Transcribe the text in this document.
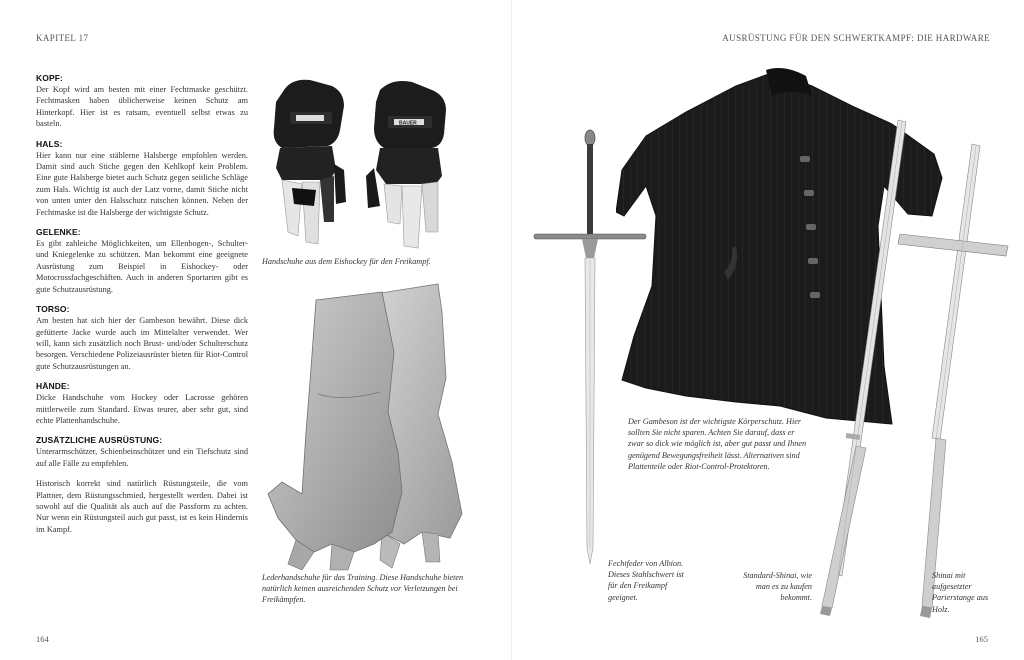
KAPITEL 17
KOPF:
Der Kopf wird am besten mit einer Fechtmaske geschützt. Fechtmasken haben üblicherweise keinen Schutz am Hinterkopf. Hier ist es ratsam, eventuell selbst etwas zu basteln.
HALS:
Hier kann nur eine stählerne Halsberge empfohlen werden. Damit sind auch Stiche gegen den Kehlkopf kein Problem. Eine gute Halsberge bietet auch Schutz gegen seitliche Schläge zum Hals. Wichtig ist auch der Latz vorne, damit Stiche nicht von unten unter den Halsschutz rutschen können. Neben der Fechtmaske ist die Halsberge der wichtigste Schutz.
GELENKE:
Es gibt zahleiche Möglichkeiten, um Ellenbogen-, Schulter- und Kniegelenke zu schützen. Man bekommt eine geeignete Ausrüstung zum Beispiel in Eishockey- oder Motocrossfachgeschäften. Auch in anderen Sportarten gibt es gute Schutzausrüstung.
TORSO:
Am besten hat sich hier der Gambeson bewährt. Diese dick gefütterte Jacke wurde auch im Mittelalter verwendet. Wer will, kann sich zusätzlich noch Brust- und/oder Schulterschutz besorgen. Verschiedene Polizeiausrüster bieten für Riot-Control gute Schutzausrüstungen an.
HÄNDE:
Dicke Handschuhe vom Hockey oder Lacrosse gehören mittlerweile zum Standard. Etwas teurer, aber sehr gut, sind echte Plattenhandschuhe.
ZUSÄTZLICHE AUSRÜSTUNG:
Unterarmschützer, Schienbeinschützer und ein Tiefschutz sind auf alle Fälle zu empfehlen.
Historisch korrekt sind natürlich Rüstungsteile, die vom Plattner, dem Rüstungsschmied, hergestellt werden. Dabei ist sowohl auf die Qualität als auch auf die Passform zu achten. Nur wenn ein Rüstungsteil auch gut passt, ist es kein Hindernis im Kampf.
BAUER
Handschuhe aus dem Eishockey für den Freikampf.
Lederhandschuhe für das Training. Diese Handschuhe bieten natürlich keinen ausreichenden Schutz vor Verletzungen bei Freikämpfen.
164
AUSRÜSTUNG FÜR DEN SCHWERTKAMPF: DIE HARDWARE
Der Gambeson ist der wichtigste Körperschutz. Hier sollten Sie nicht sparen. Achten Sie darauf, dass er zwar so dick wie möglich ist, aber gut passt und Ihnen genügend Bewegungsfreiheit lässt. Alternativen sind Plattenteile oder Riot-Control-Protektoren.
Fechtfeder von Albion. Dieses Stahlschwert ist für den Freikampf geeignet.
Standard-Shinai, wie man es zu kaufen bekommt.
Shinai mit aufgesetzter Parierstange aus Holz.
165
